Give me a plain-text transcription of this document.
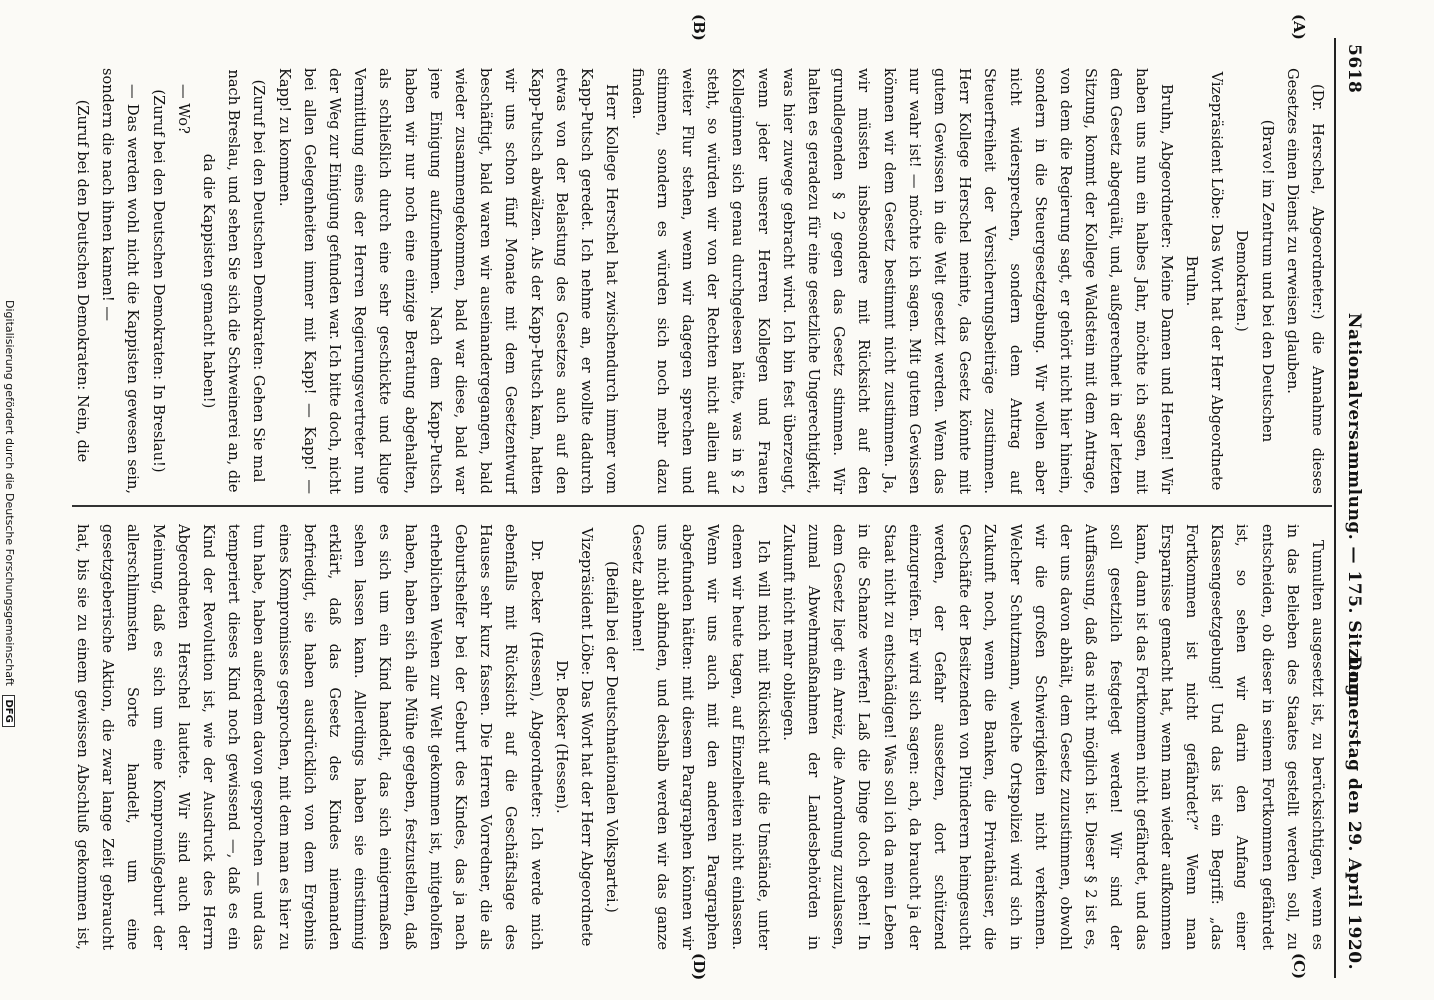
5618
Nationalversammlung. — 175. Sitzung.
Donnerstag den 29. April 1920.
(A)
(B)
(C)
(D)

(Dr. Herschel, Abgeordneter:) die Annahme dieses Gesetzes einen Dienst zu erweisen glauben.

(Bravo! im Zentrum und bei den Deutschen Demokraten.)

Vizepräsident Löbe: Das Wort hat der Herr Abgeordnete Bruhn.

Bruhn, Abgeordneter: Meine Damen und Herren! Wir haben uns nun ein halbes Jahr, möchte ich sagen, mit dem Gesetz abgequält, und, außgerechnet in der letzten Sitzung, kommt der Kollege Waldstein mit dem Antrage, von dem die Regierung sagt, er gehört nicht hier hinein, sondern in die Steuergesetzgebung. Wir wollen aber nicht widersprechen, sondern dem Antrag auf Steuerfreiheit der Versicherungsbeiträge zustimmen. Herr Kollege Herschel meinte, das Gesetz könnte mit gutem Gewissen in die Welt gesetzt werden. Wenn das nur wahr ist! — möchte ich sagen. Mit gutem Gewissen können wir dem Gesetz bestimmt nicht zustimmen. Ja, wir müssten insbesondere mit Rücksicht auf den grundlegenden § 2 gegen das Gesetz stimmen. Wir halten es geradezu für eine gesetzliche Ungerechtigkeit, was hier zuwege gebracht wird. Ich bin fest überzeugt, wenn jeder unserer Herren Kollegen und Frauen Kolleginnen sich genau durchgelesen hätte, was in § 2 steht, so würden wir von der Rechten nicht allein auf weiter Flur stehen, wenn wir dagegen sprechen und stimmen, sondern es würden sich noch mehr dazu finden.

Herr Kollege Herschel hat zwischendurch immer vom Kapp-Putsch geredet. Ich nehme an, er wollte dadurch etwas von der Belastung des Gesetzes auch auf den Kapp-Putsch abwälzen. Als der Kapp-Putsch kam, hatten wir uns schon fünf Monate mit dem Gesetzentwurf beschäftigt, bald waren wir auseinandergegangen, bald wieder zusammengekommen, bald war diese, bald war jene Einigung aufzunehmen. Nach dem Kapp-Putsch haben wir nur noch eine einzige Beratung abgehalten, als schließlich durch eine sehr geschickte und kluge Vermittlung eines der Herren Regierungsvertreter nun der Weg zur Einigung gefunden war. Ich bitte doch, nicht bei allen Gelegenheiten immer mit Kapp! — Kapp! — Kapp! zu kommen.

(Zuruf bei den Deutschen Demokraten: Gehen Sie mal nach Breslau, und sehen Sie sich die Schweinerei an, die da die Kappisten gemacht haben!)

— Wo?

(Zuruf bei den Deutschen Demokraten: In Breslau!)

— Das werden wohl nicht die Kappisten gewesen sein, sondern die nach ihnen kamen! —

(Zuruf bei den Deutschen Demokraten: Nein, die

Tumulten ausgesetzt ist, zu berücksichtigen, wenn es in das Belieben des Staates gestellt werden soll, zu entscheiden, ob dieser in seinem Fortkommen gefährdet ist, so sehen wir darin den Anfang einer Klassengesetzgebung! Und das ist ein Begriff: „das Fortkommen ist nicht gefährdet?“ Wenn man Ersparnisse gemacht hat, wenn man wieder aufkommen kann, dann ist das Fortkommen nicht gefährdet, und das soll gesetzlich festgelegt werden! Wir sind der Auffassung, daß das nicht möglich ist. Dieser § 2 ist es, der uns davon abhält, dem Gesetz zuzustimmen, obwohl wir die großen Schwierigkeiten nicht verkennen. Welcher Schutzmann, welche Ortspolizei wird sich in Zukunft noch, wenn die Banken, die Privathäuser, die Geschäfte der Besitzenden von Plünderern heimgesucht werden, der Gefahr aussetzen, dort schützend einzugreifen. Er wird sich sagen: ach, da braucht ja der Staat nicht zu entschädigen! Was soll ich da mein Leben in die Schanze werfen! Laß die Dinge doch gehen! In dem Gesetz liegt ein Anreiz, die Anordnung zuzulassen, zumal Abwehrmaßnahmen der Landesbehörden in Zukunft nicht mehr obliegen.

Ich will mich mit Rücksicht auf die Umstände, unter denen wir heute tagen, auf Einzelheiten nicht einlassen. Wenn wir uns auch mit den anderen Paragraphen abgefunden hätten: mit diesem Paragraphen können wir uns nicht abfinden, und deshalb werden wir das ganze Gesetz ablehnen!

(Beifall bei der Deutschnationalen Volkspartei.)

Vizepräsident Löbe: Das Wort hat der Herr Abgeordnete Dr. Becker (Hessen).

Dr. Becker (Hessen), Abgeordneter: Ich werde mich ebenfalls mit Rücksicht auf die Geschäftslage des Hauses sehr kurz fassen. Die Herren Vorredner, die als Geburtshelfer bei der Geburt des Kindes, das ja nach erheblichen Wehen zur Welt gekommen ist, mitgeholfen haben, haben sich alle Mühe gegeben, festzustellen, daß es sich um ein Kind handelt, das sich einigermaßen sehen lassen kann. Allerdings haben sie einstimmig erklärt, daß das Gesetz des Kindes niemanden befriedigt, sie haben ausdrücklich von dem Ergebnis eines Kompromisses gesprochen, mit dem man es hier zu tun habe, haben außerdem davon gesprochen — und das temperiert dieses Kind noch gewissend —, daß es ein Kind der Revolution ist, wie der Ausdruck des Herrn Abgeordneten Herschel lautete. Wir sind auch der Meinung, daß es sich um eine Kompromißgeburt der allerschlimmsten Sorte handelt, um eine gesetzgeberische Aktion, die zwar lange Zeit gebraucht hat, bis sie zu einem gewissen Abschluß gekommen ist,

Digitalisierung gefördert durch die Deutsche Forschungsgemeinschaft DFG
